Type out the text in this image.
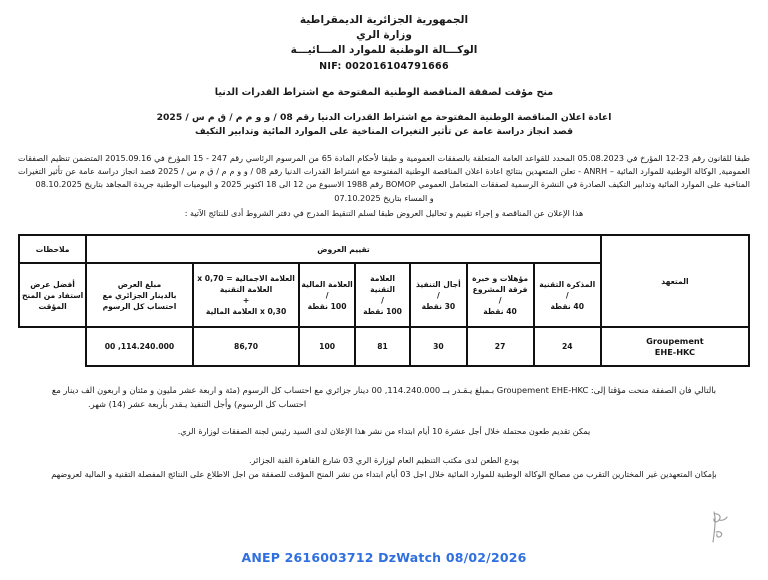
الجمهورية الجزائرية الديمقراطية
وزارة الري
الوكـــالة الوطنية للموارد المـــائيـــة
NIF: 002016104791666
منح مؤقت لصفقة المناقصة الوطنية المفتوحة مع اشتراط القدرات الدنيا
اعادة اعلان المناقصة الوطنية المفتوحة مع اشتراط القدرات الدنيا رقم 08 / و و م م / ق م س / 2025
قصد انجاز دراسة عامة عن تأثير التغيرات المناخية على الموارد المائية وتدابير التكيف
طبقا للقانون رقم 23-12 المؤرخ في 05.08.2023 المحدد للقواعد العامة المتعلقة بالصفقات العمومية و طبقا لأحكام المادة 65 من المرسوم الرئاسي رقم 247 - 15 المؤرخ في 2015.09.16 المتضمن تنظيم الصفقات العمومية, الوكالة الوطنية للموارد المائية – ANRH - تعلن المتعهدين بنتائج اعادة اعلان المناقصة الوطنية المفتوحة مع اشتراط القدرات الدنيا رقم 08 / و و م م / ق م س / 2025 قصد انجاز دراسة عامة عن تأثير التغيرات المناخية على الموارد المائية وتدابير التكيف الصادرة في النشرة الرسمية لصفقات المتعامل العمومي BOMOP رقم 1988 الاسبوع من 12 الى 18 اكتوبر 2025 و اليوميات الوطنية جريدة المجاهد بتاريخ 08.10.2025
و المساء بتاريخ 07.10.2025
هذا الإعلان عن المناقصة و إجراء تقييم و تحاليل العروض طبقا لسلم التنقيط المدرج في دفتر الشروط أدى للنتائج الآتية :
المتعهد	تقييم العروض							ملاحظات
	المذكرة التقنية
/
40 نقطة	مؤهلات و خبرة فرقة المشروع
/
40 نقطة	أجال التنفيذ
/
30 نقطة	العلامة التقنية
/
100 نقطة	العلامة المالية
/
100 نقطة	العلامة الاجمالية = 0,70 x العلامة التقنية
+
0,30 x العلامة المالية	مبلغ العرض
بالدينار الجزائري مع
احتساب كل الرسوم	أفضل عرض استفاد من المنح المؤقت
Groupement
EHE-HKC	24	27	30	81	100	86,70	114.240.000, 00	
بالتالي فان الصفقة منحت مؤقتا إلى: Groupement EHE-HKC بـمبلغ يـقـدر بــ 114.240.000, 00 دينار جزائري مع احتساب كل الرسوم (مئة و اربعة عشر مليون و مئتان و اربعون الف دينار مع
احتساب كل الرسوم) وأجل التنفيذ يـقدر بأربعة عشر (14) شهر.
يمكن تقديم طعون محتملة خلال أجل عشرة 10 أيام ابتداء من نشر هذا الإعلان لدى السيد رئيس لجنة الصفقات لوزارة الري.
يودع الطعن لدى مكتب التنظيم العام لوزارة الري 03 شارع القاهرة القبة الجزائر.
بإمكان المتعهدين غير المختارين التقرب من مصالح الوكالة الوطنية للموارد المائية خلال اجل 03 أيام ابتداء من نشر المنح المؤقت للصفقة من اجل الاطلاع على النتائج المفصلة التقنية و المالية لعروضهم
ANEP 2616003712 DzWatch 08/02/2026
